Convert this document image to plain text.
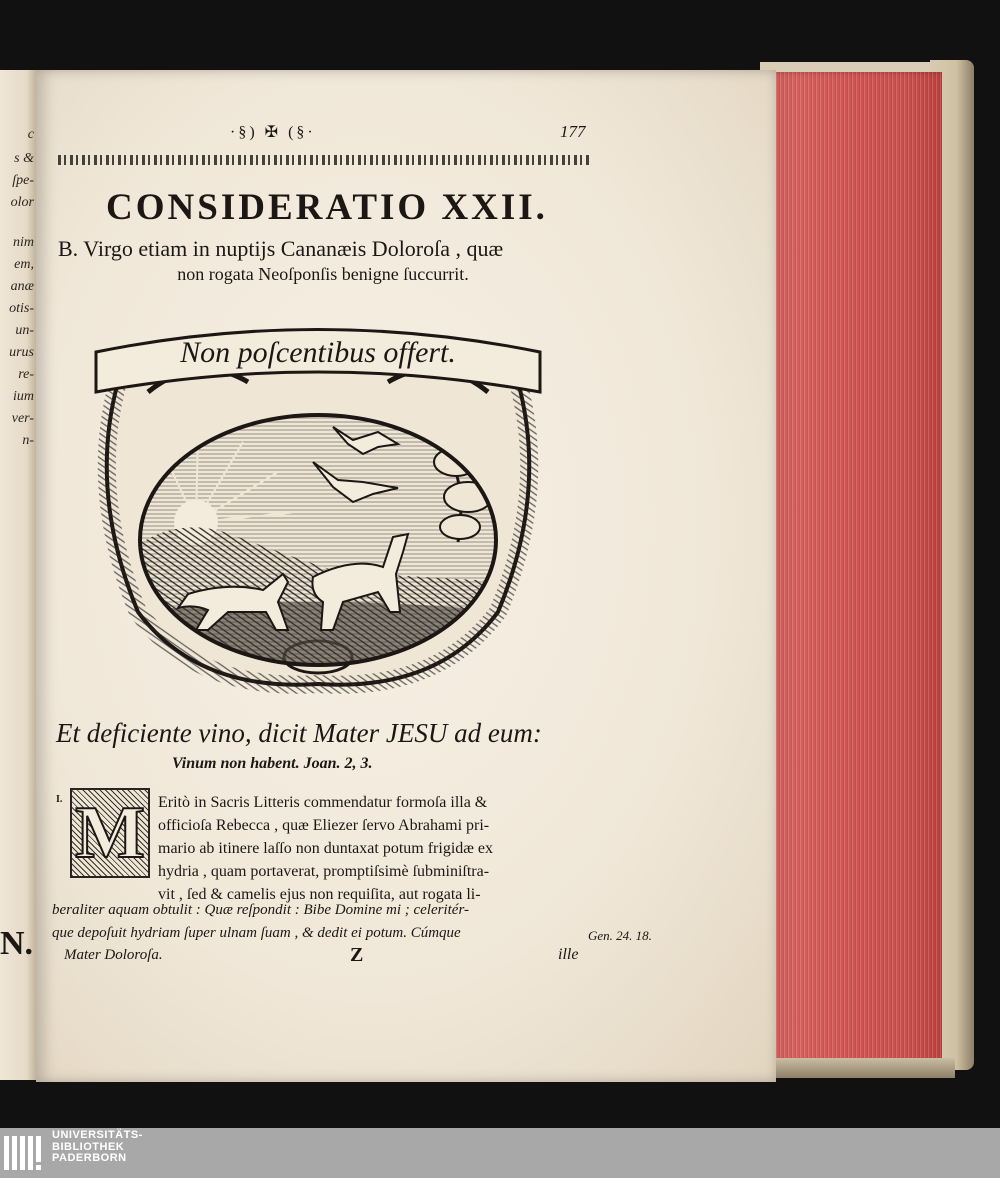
c
s &
ſpe-
olor
nim
em,
anæ
otis-
un-
urus
re-
ium
ver-
n-
N.
·§) ✠ (§·	177
CONSIDERATIO XXII.
B. Virgo etiam in nuptijs Cananæis Doloroſa , quæ
non rogata Neoſponſis benigne ſuccurrit.
Non poſcentibus offert.
Et deficiente vino, dicit Mater JESU ad eum:
Vinum non habent. Joan. 2, 3.
I. M Eritò in Sacris Litteris commendatur formoſa illa &
officioſa Rebecca , quæ Eliezer ſervo Abrahami pri-
mario ab itinere laſſo non duntaxat potum frigidæ ex
hydria , quam portaverat, promptiſsimè ſubminiſtra-
vit , ſed & camelis ejus non requiſita, aut rogata li-
beraliter aquam obtulit : Quæ reſpondit : Bibe Domine mi ; celeritér-
que depoſuit hydriam ſuper ulnam ſuam , & dedit ei potum. Cúmque
Mater Doloroſa.
Gen. 24. 18.
Z	ille
UNIVERSITÄTS-
BIBLIOTHEK
PADERBORN
